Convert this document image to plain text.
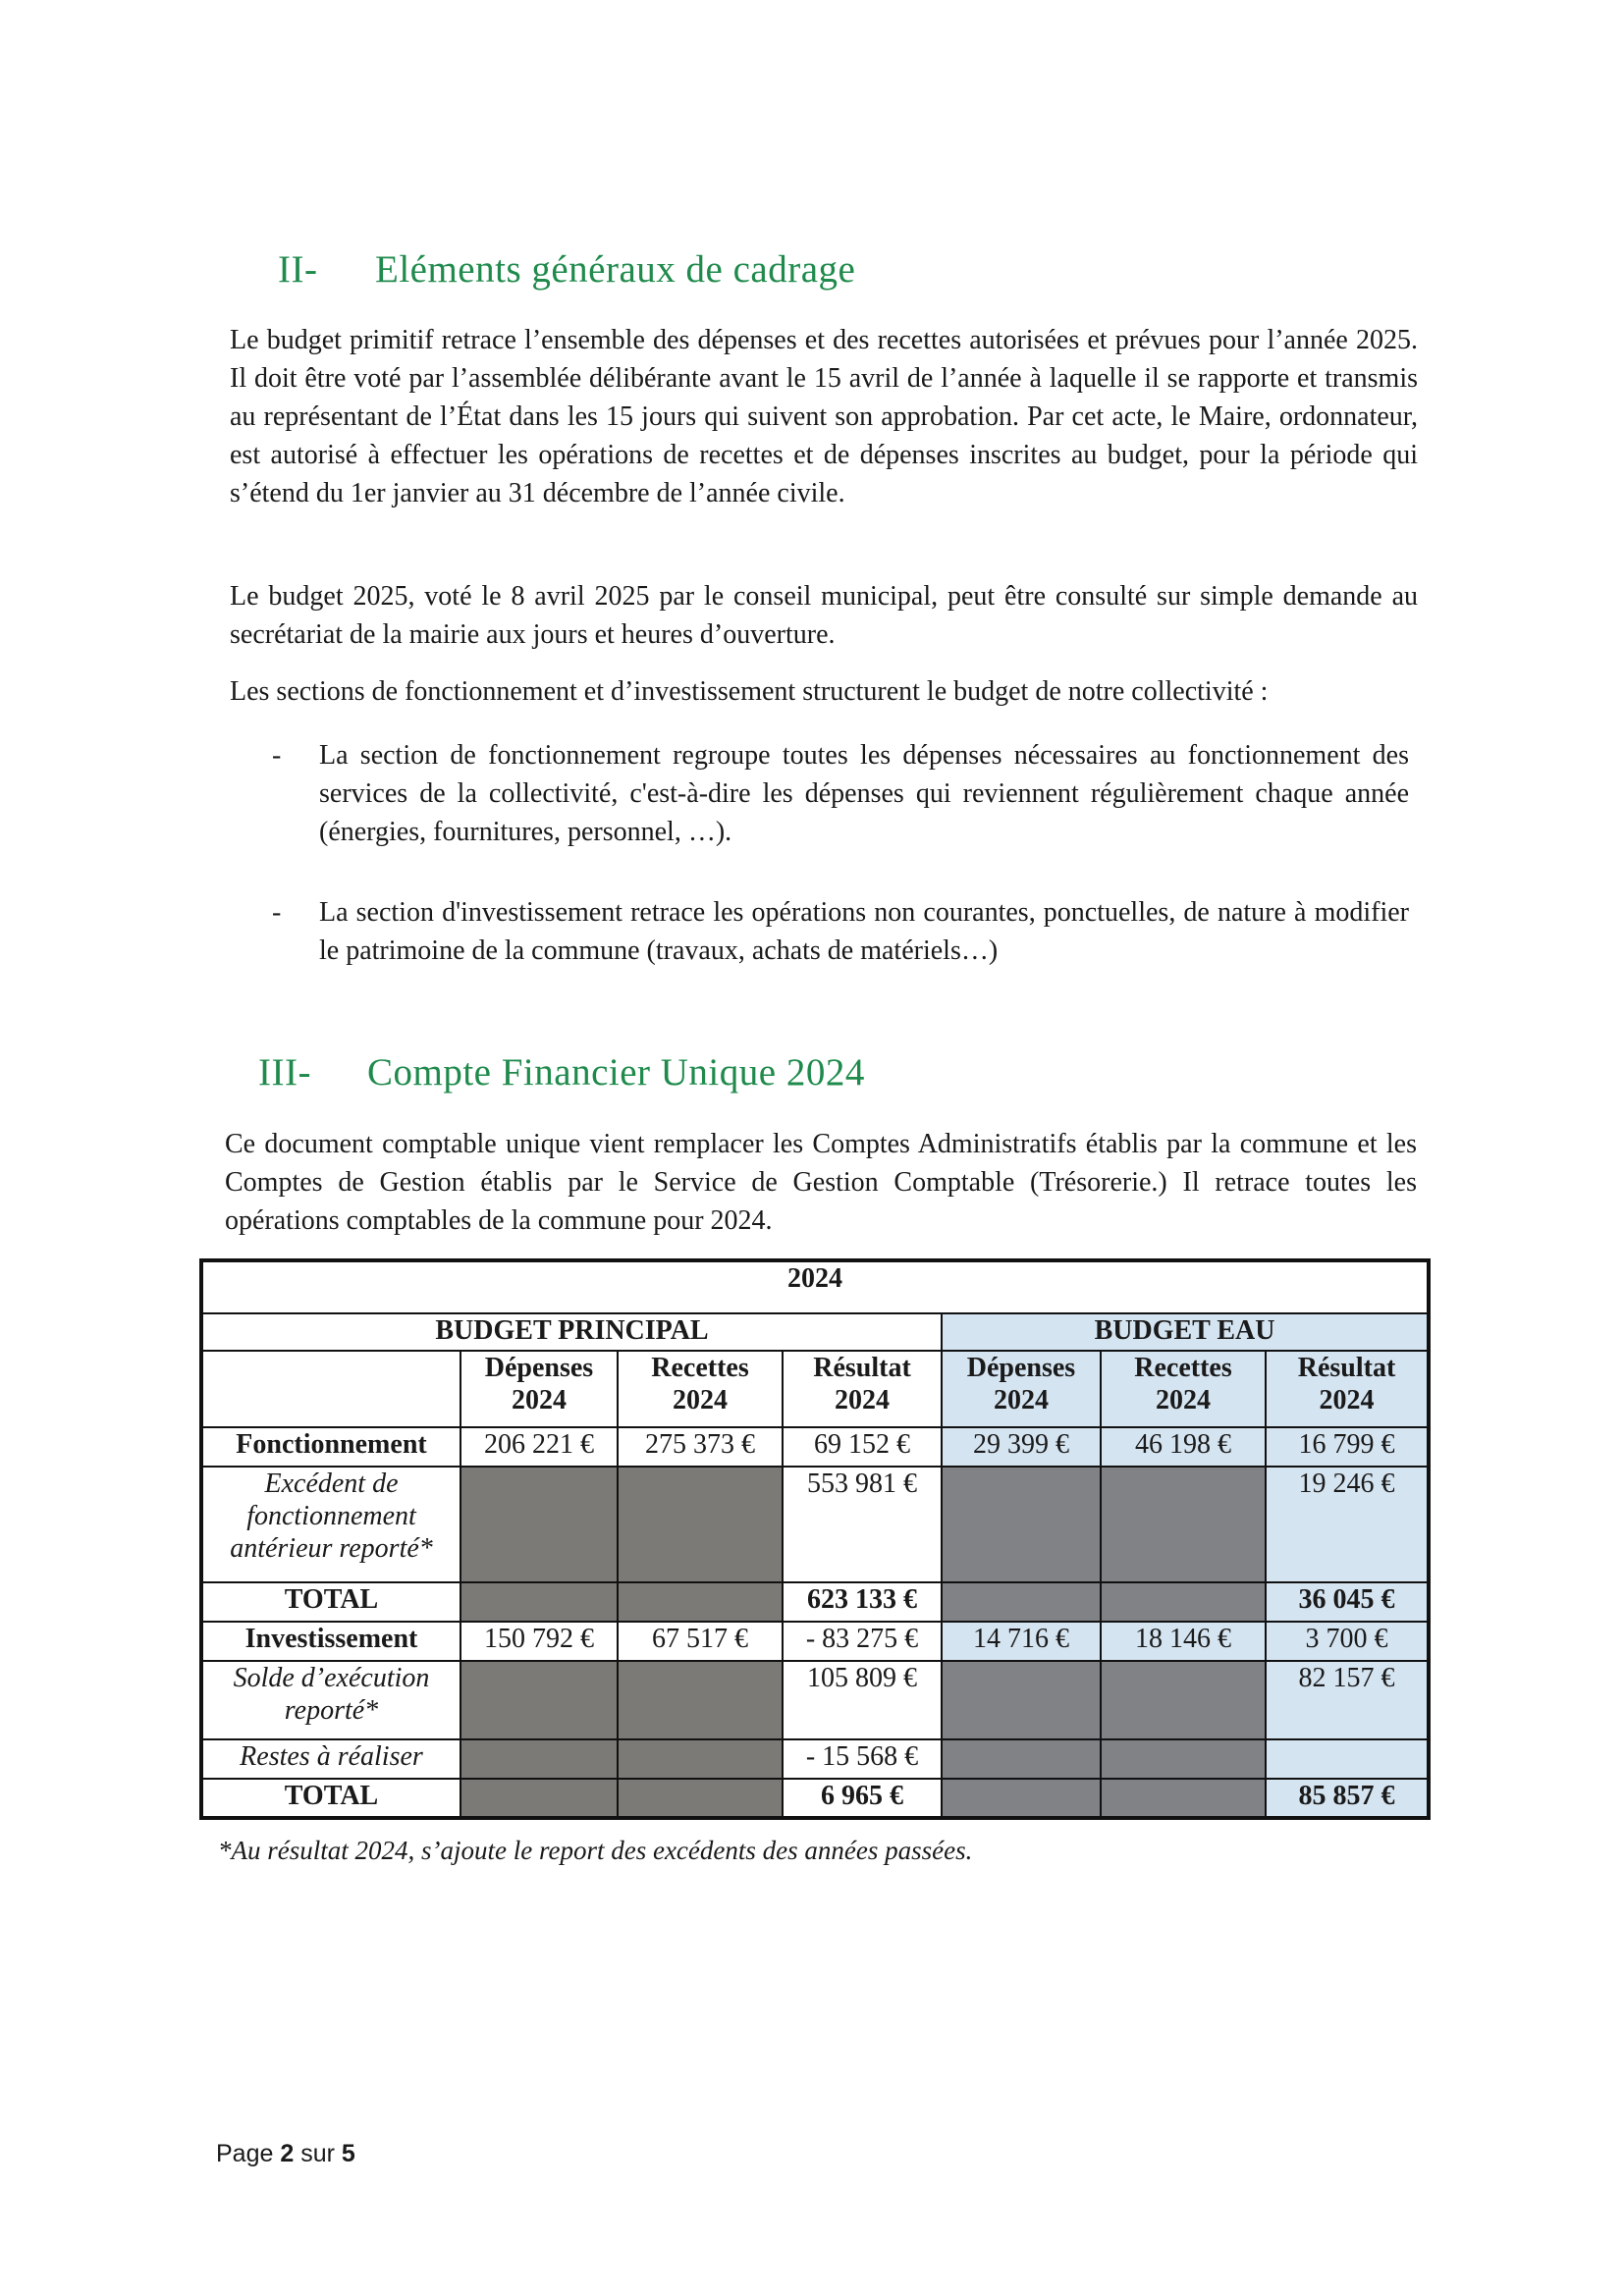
II- Eléments généraux de cadrage

Le budget primitif retrace l’ensemble des dépenses et des recettes autorisées et prévues pour l’année 2025. Il doit être voté par l’assemblée délibérante avant le 15 avril de l’année à laquelle il se rapporte et transmis au représentant de l’État dans les 15 jours qui suivent son approbation. Par cet acte, le Maire, ordonnateur, est autorisé à effectuer les opérations de recettes et de dépenses inscrites au budget, pour la période qui s’étend du 1er janvier au 31 décembre de l’année civile.

Le budget 2025, voté le 8 avril 2025 par le conseil municipal, peut être consulté sur simple demande au secrétariat de la mairie aux jours et heures d’ouverture.

Les sections de fonctionnement et d’investissement structurent le budget de notre collectivité :

- La section de fonctionnement regroupe toutes les dépenses nécessaires au fonctionnement des services de la collectivité, c'est-à-dire les dépenses qui reviennent régulièrement chaque année (énergies, fournitures, personnel, …).
- La section d'investissement retrace les opérations non courantes, ponctuelles, de nature à modifier le patrimoine de la commune (travaux, achats de matériels…)
III- Compte Financier Unique 2024

Ce document comptable unique vient remplacer les Comptes Administratifs établis par la commune et les Comptes de Gestion établis par le Service de Gestion Comptable (Trésorerie.) Il retrace toutes les opérations comptables de la commune pour 2024.

2024						
BUDGET PRINCIPAL				BUDGET EAU		
	Dépenses 2024	Recettes 2024	Résultat 2024	Dépenses 2024	Recettes 2024	Résultat 2024
Fonctionnement	206 221 €	275 373 €	69 152 €	29 399 €	46 198 €	16 799 €
Excédent de fonctionnement antérieur reporté*			553 981 €			19 246 €
TOTAL			623 133 €			36 045 €
Investissement	150 792 €	67 517 €	- 83 275 €	14 716 €	18 146 €	3 700 €
Solde d’exécution reporté*			105 809 €			82 157 €
Restes à réaliser			- 15 568 €			
TOTAL			6 965 €			85 857 €

*Au résultat 2024, s’ajoute le report des excédents des années passées.

Page 2 sur 5
